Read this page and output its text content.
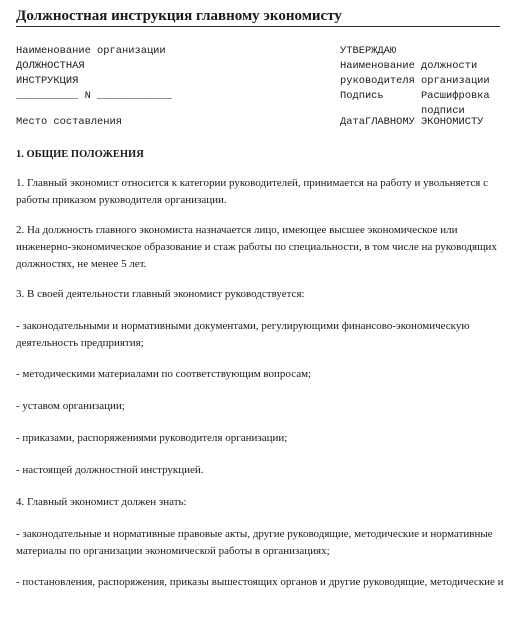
Должностная инструкция главному экономисту
Наименование организации
ДОЛЖНОСТНАЯ
ИНСТРУКЦИЯ
__________ N ____________
УТВЕРЖДАЮ
Наименование должности
руководителя организации
Подпись      Расшифровка
подписи
Место составления	ДатаГЛАВНОМУ ЭКОНОМИСТУ
1. ОБЩИЕ ПОЛОЖЕНИЯ
1. Главный экономист относится к категории руководителей, принимается на работу и увольняется с
работы приказом руководителя организации.
2. На должность главного экономиста назначается лицо, имеющее высшее экономическое или
инженерно-экономическое образование и стаж работы по специальности, в том числе на руководящих
должностях, не менее 5 лет.
3. В своей деятельности главный экономист руководствуется:
- законодательными и нормативными документами, регулирующими финансово-экономическую
деятельность предприятия;
- методическими материалами по соответствующим вопросам;
- уставом организации;
- приказами, распоряжениями руководителя организации;
- настоящей должностной инструкцией.
4. Главный экономист должен знать:
- законодательные и нормативные правовые акты, другие руководящие, методические и нормативные
материалы по организации экономической работы в организациях;
- постановления, распоряжения, приказы вышестоящих органов и другие руководящие, методические и
